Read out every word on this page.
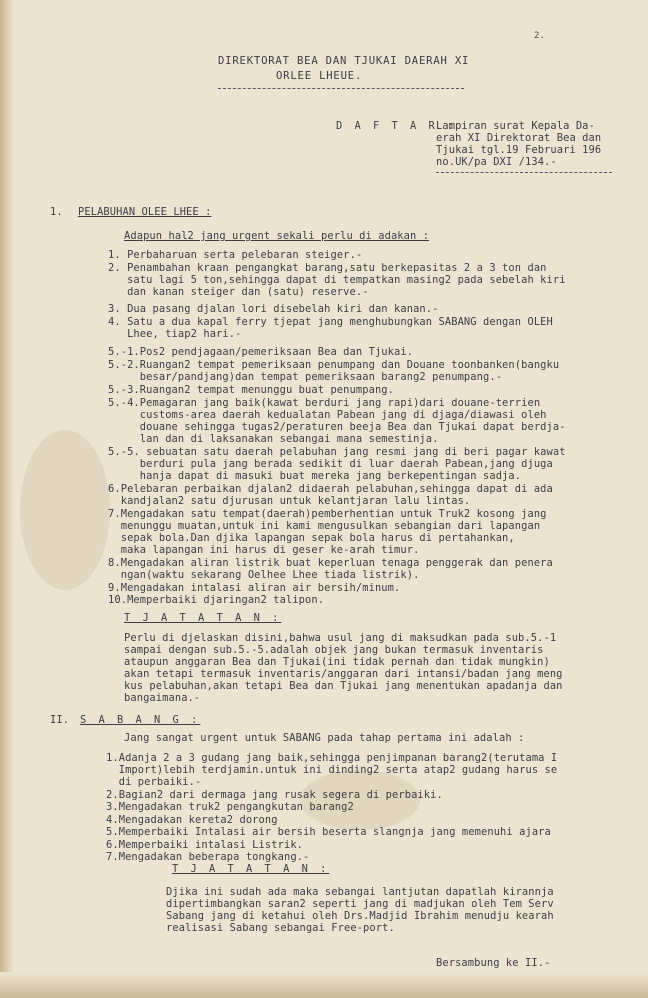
2.
DIREKTORAT BEA DAN TJUKAI DAERAH XI
ORLEE LHEUE.
D A F T A R :
Lampiran surat Kepala Da-
erah XI Direktorat Bea dan
Tjukai tgl.19 Februari 196
no.UK/pa DXI /134.-
1. PELABUHAN OLEE LHEE :
Adapun hal2 jang urgent sekali perlu di adakan :
1. Perbaharuan serta pelebaran steiger.-
2. Penambahan kraan pengangkat barang,satu berkepasitas 2 a 3 ton dan
satu lagi 5 ton,sehingga dapat di tempatkan masing2 pada sebelah kiri
dan kanan steiger dan (satu) reserve.-
3. Dua pasang djalan lori disebelah kiri dan kanan.-
4. Satu a dua kapal ferry tjepat jang menghubungkan SABANG dengan OLEH
Lhee, tiap2 hari.-
5.-1.Pos2 pendjagaan/pemeriksaan Bea dan Tjukai.
5.-2.Ruangan2 tempat pemeriksaan penumpang dan Douane toonbanken(bangku
besar/pandjang)dan tempat pemeriksaan barang2 penumpang.-
5.-3.Ruangan2 tempat menunggu buat penumpang.
5.-4.Pemagaran jang baik(kawat berduri jang rapi)dari douane-terrien
customs-area daerah kedualatan Pabean jang di djaga/diawasi oleh
douane sehingga tugas2/peraturen beeja Bea dan Tjukai dapat berdja-
lan dan di laksanakan sebangai mana semestinja.
5.-5. sebuatan satu daerah pelabuhan jang resmi jang di beri pagar kawat
berduri pula jang berada sedikit di luar daerah Pabean,jang djuga
hanja dapat di masuki buat mereka jang berkepentingan sadja.
6.Pelebaran perbaikan djalan2 didaerah pelabuhan,sehingga dapat di ada
kandjalan2 satu djurusan untuk kelantjaran lalu lintas.
7.Mengadakan satu tempat(daerah)pemberhentian untuk Truk2 kosong jang
menunggu muatan,untuk ini kami mengusulkan sebangian dari lapangan
sepak bola.Dan djika lapangan sepak bola harus di pertahankan,
maka lapangan ini harus di geser ke-arah timur.
8.Mengadakan aliran listrik buat keperluan tenaga penggerak dan penera
ngan(waktu sekarang Oelhee Lhee tiada listrik).
9.Mengadakan intalasi aliran air bersih/minum.
10.Memperbaiki djaringan2 talipon.
T J A T A T A N :
Perlu di djelaskan disini,bahwa usul jang di maksudkan pada sub.5.-1
sampai dengan sub.5.-5.adalah objek jang bukan termasuk inventaris
ataupun anggaran Bea dan Tjukai(ini tidak pernah dan tidak mungkin)
akan tetapi termasuk inventaris/anggaran dari intansi/badan jang meng
kus pelabuhan,akan tetapi Bea dan Tjukai jang menentukan apadanja dan
bangaimana.-
II. S A B A N G :
Jang sangat urgent untuk SABANG pada tahap pertama ini adalah :
1.Adanja 2 a 3 gudang jang baik,sehingga penjimpanan barang2(terutama I
Import)lebih terdjamin.untuk ini dinding2 serta atap2 gudang harus se
di perbaiki.-
2.Bagian2 dari dermaga jang rusak segera di perbaiki.
3.Mengadakan truk2 pengangkutan barang2
4.Mengadakan kereta2 dorong
5.Memperbaiki Intalasi air bersih beserta slangnja jang memenuhi ajara
6.Memperbaiki intalasi Listrik.
7.Mengadakan beberapa tongkang.-
T J A T A T A N :
Djika ini sudah ada maka sebangai lantjutan dapatlah kirannja
dipertimbangkan saran2 seperti jang di madjukan oleh Tem Serv
Sabang jang di ketahui oleh Drs.Madjid Ibrahim menudju kearah
realisasi Sabang sebangai Free-port.
Bersambung ke II.-
